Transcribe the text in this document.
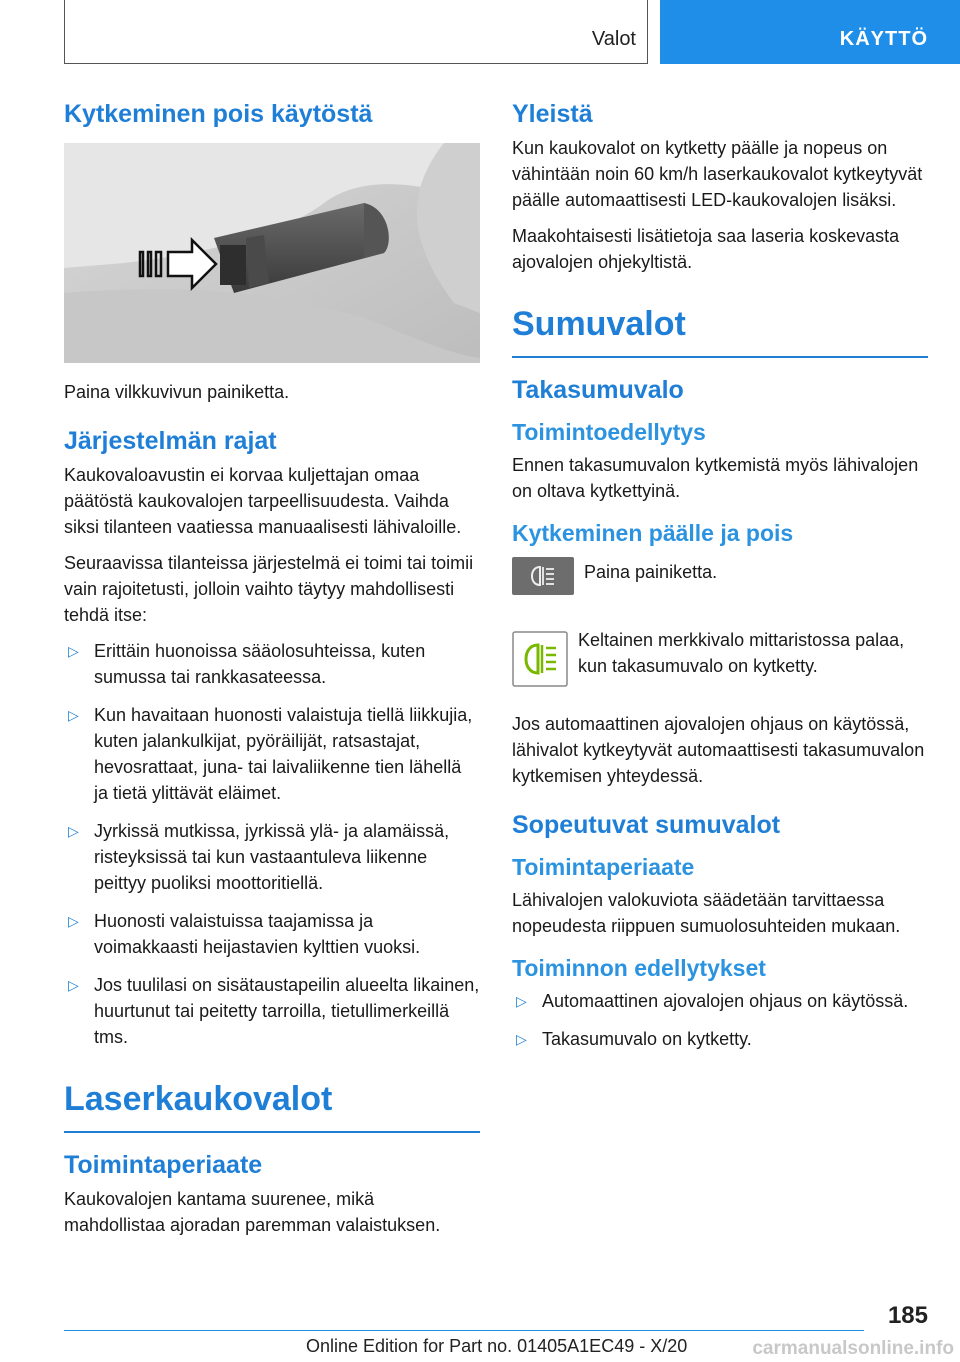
Valot	KÄYTTÖ
Kytkeminen pois käytöstä

Paina vilkkuvivun painiketta.

Järjestelmän rajat

Kaukovaloavustin ei korvaa kuljettajan omaa päätöstä kaukovalojen tarpeellisuudesta. Vaihda siksi tilanteen vaatiessa manuaalisesti lähivaloille.

Seuraavissa tilanteissa järjestelmä ei toimi tai toimii vain rajoitetusti, jolloin vaihto täytyy mahdollisesti tehdä itse:

▷ Erittäin huonoissa sääolosuhteissa, kuten sumussa tai rankkasateessa.
▷ Kun havaitaan huonosti valaistuja tiellä liikkujia, kuten jalankulkijat, pyöräilijät, ratsastajat, hevosrattaat, juna- tai laivaliikenne tien lähellä ja tietä ylittävät eläimet.
▷ Jyrkissä mutkissa, jyrkissä ylä- ja alamäissä, risteyksissä tai kun vastaantuleva liikenne peittyy puoliksi moottoritiellä.
▷ Huonosti valaistuissa taajamissa ja voimakkaasti heijastavien kylttien vuoksi.
▷ Jos tuulilasi on sisätaustapeilin alueelta likainen, huurtunut tai peitetty tarroilla, tietullimerkeillä tms.
Laserkaukovalot
Toimintaperiaate

Kaukovalojen kantama suurenee, mikä mahdollistaa ajoradan paremman valaistuksen.

Yleistä

Kun kaukovalot on kytketty päälle ja nopeus on vähintään noin 60 km/h laserkaukovalot kytkeytyvät päälle automaattisesti LED-kaukovalojen lisäksi.

Maakohtaisesti lisätietoja saa laseria koskevasta ajovalojen ohjekyltistä.

Sumuvalot
Takasumuvalo
Toimintoedellytys

Ennen takasumuvalon kytkemistä myös lähivalojen on oltava kytkettyinä.

Kytkeminen päälle ja pois
Paina painiketta.
Keltainen merkkivalo mittaristossa palaa, kun takasumuvalo on kytketty.

Jos automaattinen ajovalojen ohjaus on käytössä, lähivalot kytkeytyvät automaattisesti takasumuvalon kytkemisen yhteydessä.

Sopeutuvat sumuvalot
Toimintaperiaate

Lähivalojen valokuviota säädetään tarvittaessa nopeudesta riippuen sumuolosuhteiden mukaan.

Toiminnon edellytykset
▷ Automaattinen ajovalojen ohjaus on käytössä.
▷ Takasumuvalo on kytketty.
185
Online Edition for Part no. 01405A1EC49 - X/20	carmanualsonline.info
